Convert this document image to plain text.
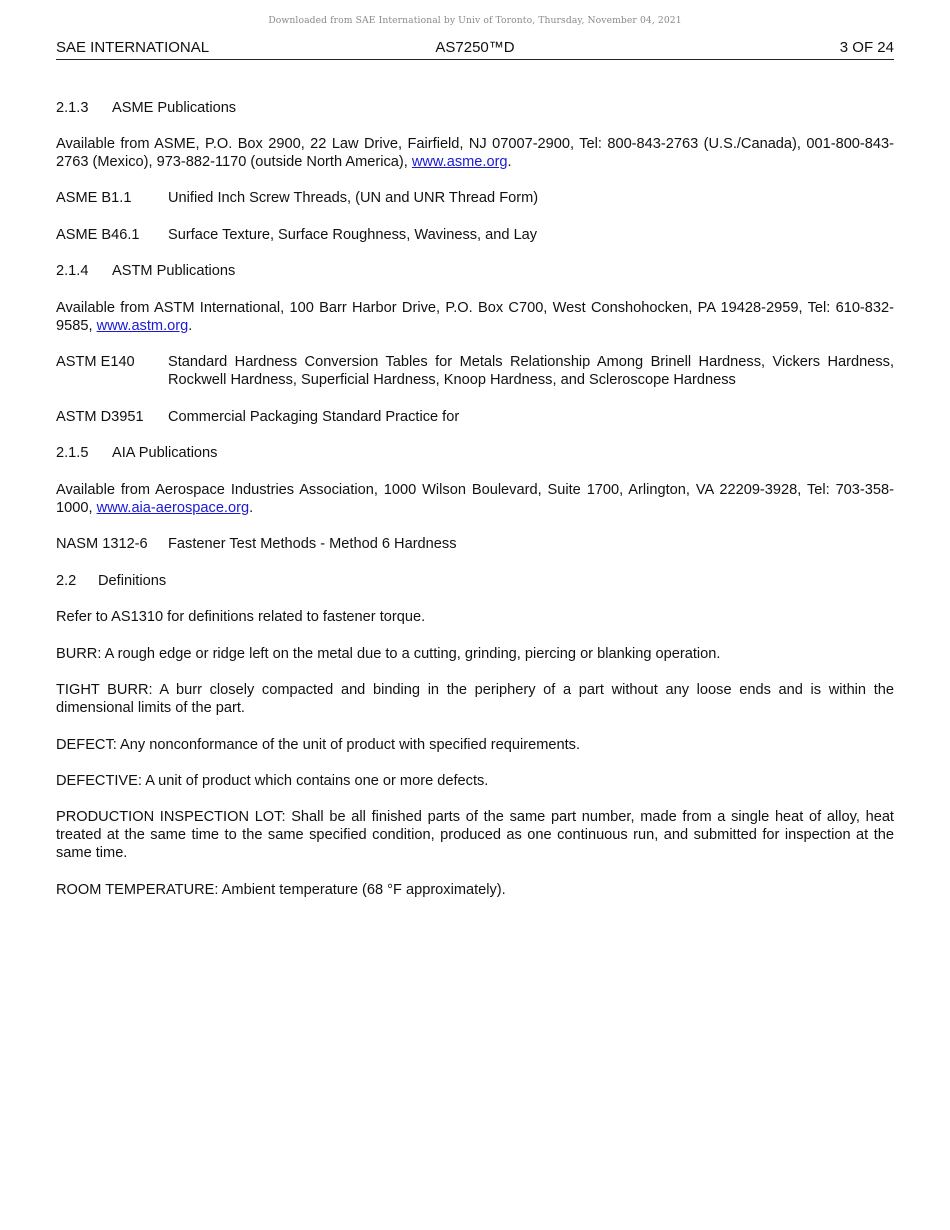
Downloaded from SAE International by Univ of Toronto, Thursday, November 04, 2021
SAE INTERNATIONAL	AS7250™D	3 OF 24
2.1.3 ASME Publications
Available from ASME, P.O. Box 2900, 22 Law Drive, Fairfield, NJ 07007-2900, Tel: 800-843-2763 (U.S./Canada), 001-800-843-2763 (Mexico), 973-882-1170 (outside North America), www.asme.org.
ASME B1.1	Unified Inch Screw Threads, (UN and UNR Thread Form)
ASME B46.1 Surface Texture, Surface Roughness, Waviness, and Lay
2.1.4 ASTM Publications
Available from ASTM International, 100 Barr Harbor Drive, P.O. Box C700, West Conshohocken, PA 19428-2959, Tel: 610-832-9585, www.astm.org.
ASTM E140 Standard Hardness Conversion Tables for Metals Relationship Among Brinell Hardness, Vickers Hardness, Rockwell Hardness, Superficial Hardness, Knoop Hardness, and Scleroscope Hardness
ASTM D3951 Commercial Packaging Standard Practice for
2.1.5 AIA Publications
Available from Aerospace Industries Association, 1000 Wilson Boulevard, Suite 1700, Arlington, VA 22209-3928, Tel: 703-358-1000, www.aia-aerospace.org.
NASM 1312-6 Fastener Test Methods - Method 6 Hardness
2.2 Definitions
Refer to AS1310 for definitions related to fastener torque.
BURR: A rough edge or ridge left on the metal due to a cutting, grinding, piercing or blanking operation.
TIGHT BURR: A burr closely compacted and binding in the periphery of a part without any loose ends and is within the dimensional limits of the part.
DEFECT: Any nonconformance of the unit of product with specified requirements.
DEFECTIVE: A unit of product which contains one or more defects.
PRODUCTION INSPECTION LOT: Shall be all finished parts of the same part number, made from a single heat of alloy, heat treated at the same time to the same specified condition, produced as one continuous run, and submitted for inspection at the same time.
ROOM TEMPERATURE: Ambient temperature (68 °F approximately).
